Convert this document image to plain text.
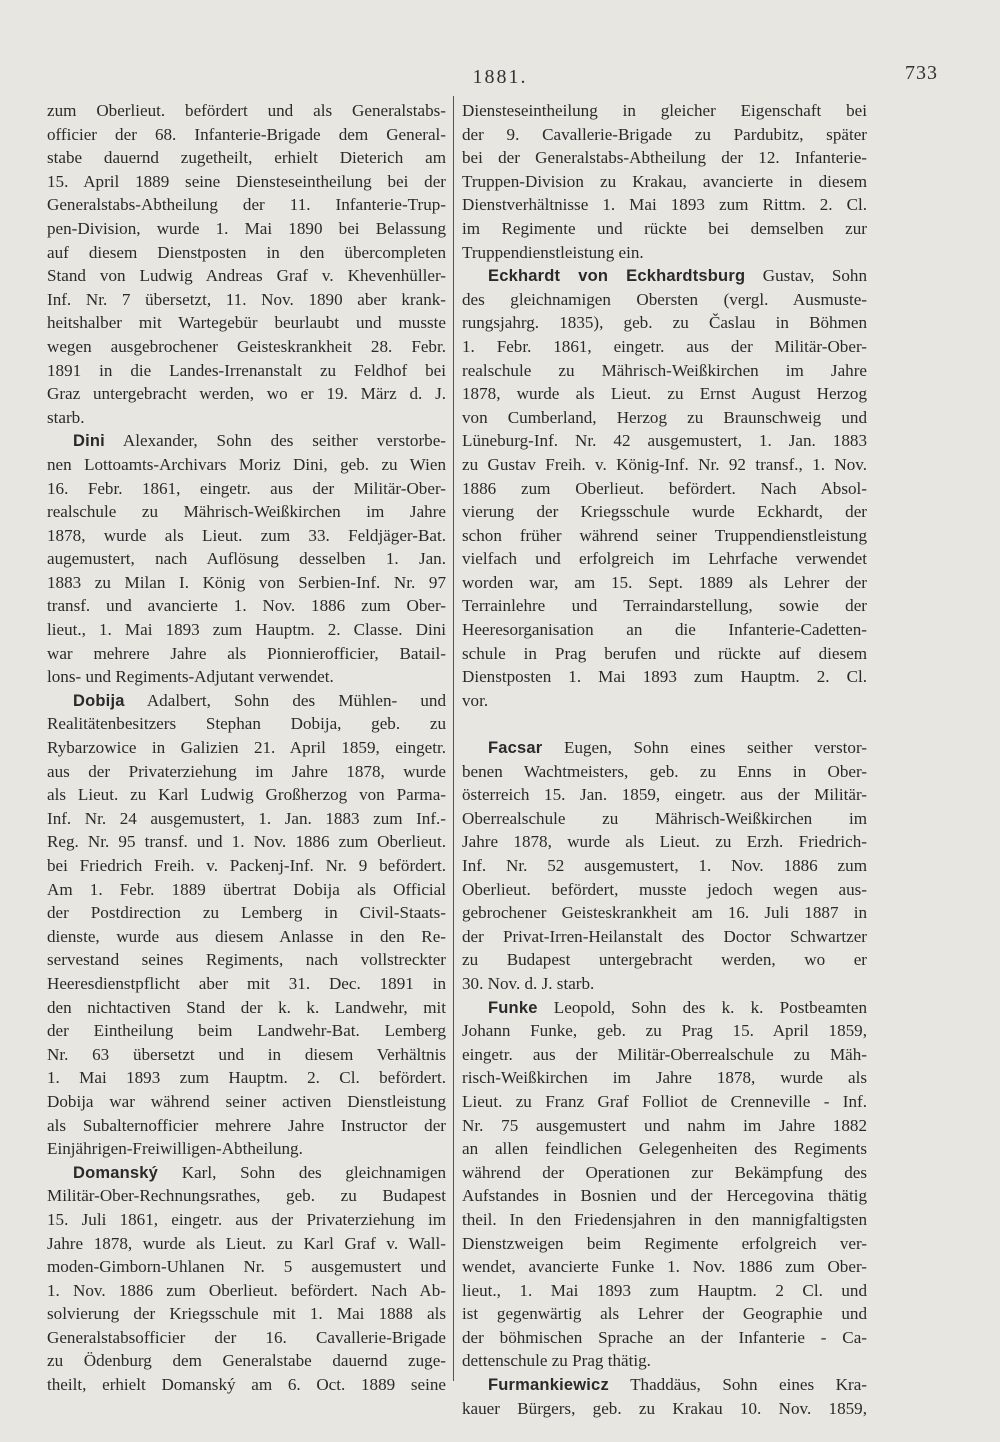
1881.	733
zum Oberlieut. befördert und als Generalstabs-
officier der 68. Infanterie-Brigade dem General-
stabe dauernd zugetheilt, erhielt Dieterich am
15. April 1889 seine Diensteseintheilung bei der
Generalstabs-Abtheilung der 11. Infanterie-Trup-
pen-Division, wurde 1. Mai 1890 bei Belassung
auf diesem Dienstposten in den übercompleten
Stand von Ludwig Andreas Graf v. Khevenhüller-
Inf. Nr. 7 übersetzt, 11. Nov. 1890 aber krank-
heitshalber mit Wartegebür beurlaubt und musste
wegen ausgebrochener Geisteskrankheit 28. Febr.
1891 in die Landes-Irrenanstalt zu Feldhof bei
Graz untergebracht werden, wo er 19. März d. J.
starb.
Dini Alexander, Sohn des seither verstorbe-
nen Lottoamts-Archivars Moriz Dini, geb. zu Wien
16. Febr. 1861, eingetr. aus der Militär-Ober-
realschule zu Mährisch-Weißkirchen im Jahre
1878, wurde als Lieut. zum 33. Feldjäger-Bat.
augemustert, nach Auflösung desselben 1. Jan.
1883 zu Milan I. König von Serbien-Inf. Nr. 97
transf. und avancierte 1. Nov. 1886 zum Ober-
lieut., 1. Mai 1893 zum Hauptm. 2. Classe. Dini
war mehrere Jahre als Pionnierofficier, Batail-
lons- und Regiments-Adjutant verwendet.
Dobija Adalbert, Sohn des Mühlen- und
Realitätenbesitzers Stephan Dobija, geb. zu
Rybarzowice in Galizien 21. April 1859, eingetr.
aus der Privaterziehung im Jahre 1878, wurde
als Lieut. zu Karl Ludwig Großherzog von Parma-
Inf. Nr. 24 ausgemustert, 1. Jan. 1883 zum Inf.-
Reg. Nr. 95 transf. und 1. Nov. 1886 zum Oberlieut.
bei Friedrich Freih. v. Packenj-Inf. Nr. 9 befördert.
Am 1. Febr. 1889 übertrat Dobija als Official
der Postdirection zu Lemberg in Civil-Staats-
dienste, wurde aus diesem Anlasse in den Re-
servestand seines Regiments, nach vollstreckter
Heeresdienstpflicht aber mit 31. Dec. 1891 in
den nichtactiven Stand der k. k. Landwehr, mit
der Eintheilung beim Landwehr-Bat. Lemberg
Nr. 63 übersetzt und in diesem Verhältnis
1. Mai 1893 zum Hauptm. 2. Cl. befördert.
Dobija war während seiner activen Dienstleistung
als Subalternofficier mehrere Jahre Instructor der
Einjährigen-Freiwilligen-Abtheilung.
Domanský Karl, Sohn des gleichnamigen
Militär-Ober-Rechnungsrathes, geb. zu Budapest
15. Juli 1861, eingetr. aus der Privaterziehung im
Jahre 1878, wurde als Lieut. zu Karl Graf v. Wall-
moden-Gimborn-Uhlanen Nr. 5 ausgemustert und
1. Nov. 1886 zum Oberlieut. befördert. Nach Ab-
solvierung der Kriegsschule mit 1. Mai 1888 als
Generalstabsofficier der 16. Cavallerie-Brigade
zu Ödenburg dem Generalstabe dauernd zuge-
theilt, erhielt Domanský am 6. Oct. 1889 seine
Diensteseintheilung in gleicher Eigenschaft bei
der 9. Cavallerie-Brigade zu Pardubitz, später
bei der Generalstabs-Abtheilung der 12. Infanterie-
Truppen-Division zu Krakau, avancierte in diesem
Dienstverhältnisse 1. Mai 1893 zum Rittm. 2. Cl.
im Regimente und rückte bei demselben zur
Truppendienstleistung ein.
Eckhardt von Eckhardtsburg Gustav, Sohn
des gleichnamigen Obersten (vergl. Ausmuste-
rungsjahrg. 1835), geb. zu Časlau in Böhmen
1. Febr. 1861, eingetr. aus der Militär-Ober-
realschule zu Mährisch-Weißkirchen im Jahre
1878, wurde als Lieut. zu Ernst August Herzog
von Cumberland, Herzog zu Braunschweig und
Lüneburg-Inf. Nr. 42 ausgemustert, 1. Jan. 1883
zu Gustav Freih. v. König-Inf. Nr. 92 transf., 1. Nov.
1886 zum Oberlieut. befördert. Nach Absol-
vierung der Kriegsschule wurde Eckhardt, der
schon früher während seiner Truppendienstleistung
vielfach und erfolgreich im Lehrfache verwendet
worden war, am 15. Sept. 1889 als Lehrer der
Terrainlehre und Terraindarstellung, sowie der
Heeresorganisation an die Infanterie-Cadetten-
schule in Prag berufen und rückte auf diesem
Dienstposten 1. Mai 1893 zum Hauptm. 2. Cl.
vor.
Facsar Eugen, Sohn eines seither verstor-
benen Wachtmeisters, geb. zu Enns in Ober-
österreich 15. Jan. 1859, eingetr. aus der Militär-
Oberrealschule zu Mährisch-Weißkirchen im
Jahre 1878, wurde als Lieut. zu Erzh. Friedrich-
Inf. Nr. 52 ausgemustert, 1. Nov. 1886 zum
Oberlieut. befördert, musste jedoch wegen aus-
gebrochener Geisteskrankheit am 16. Juli 1887 in
der Privat-Irren-Heilanstalt des Doctor Schwartzer
zu Budapest untergebracht werden, wo er
30. Nov. d. J. starb.
Funke Leopold, Sohn des k. k. Postbeamten
Johann Funke, geb. zu Prag 15. April 1859,
eingetr. aus der Militär-Oberrealschule zu Mäh-
risch-Weißkirchen im Jahre 1878, wurde als
Lieut. zu Franz Graf Folliot de Crenneville - Inf.
Nr. 75 ausgemustert und nahm im Jahre 1882
an allen feindlichen Gelegenheiten des Regiments
während der Operationen zur Bekämpfung des
Aufstandes in Bosnien und der Hercegovina thätig
theil. In den Friedensjahren in den mannigfaltigsten
Dienstzweigen beim Regimente erfolgreich ver-
wendet, avancierte Funke 1. Nov. 1886 zum Ober-
lieut., 1. Mai 1893 zum Hauptm. 2 Cl. und
ist gegenwärtig als Lehrer der Geographie und
der böhmischen Sprache an der Infanterie - Ca-
dettenschule zu Prag thätig.
Furmankiewicz Thaddäus, Sohn eines Kra-
kauer Bürgers, geb. zu Krakau 10. Nov. 1859,
